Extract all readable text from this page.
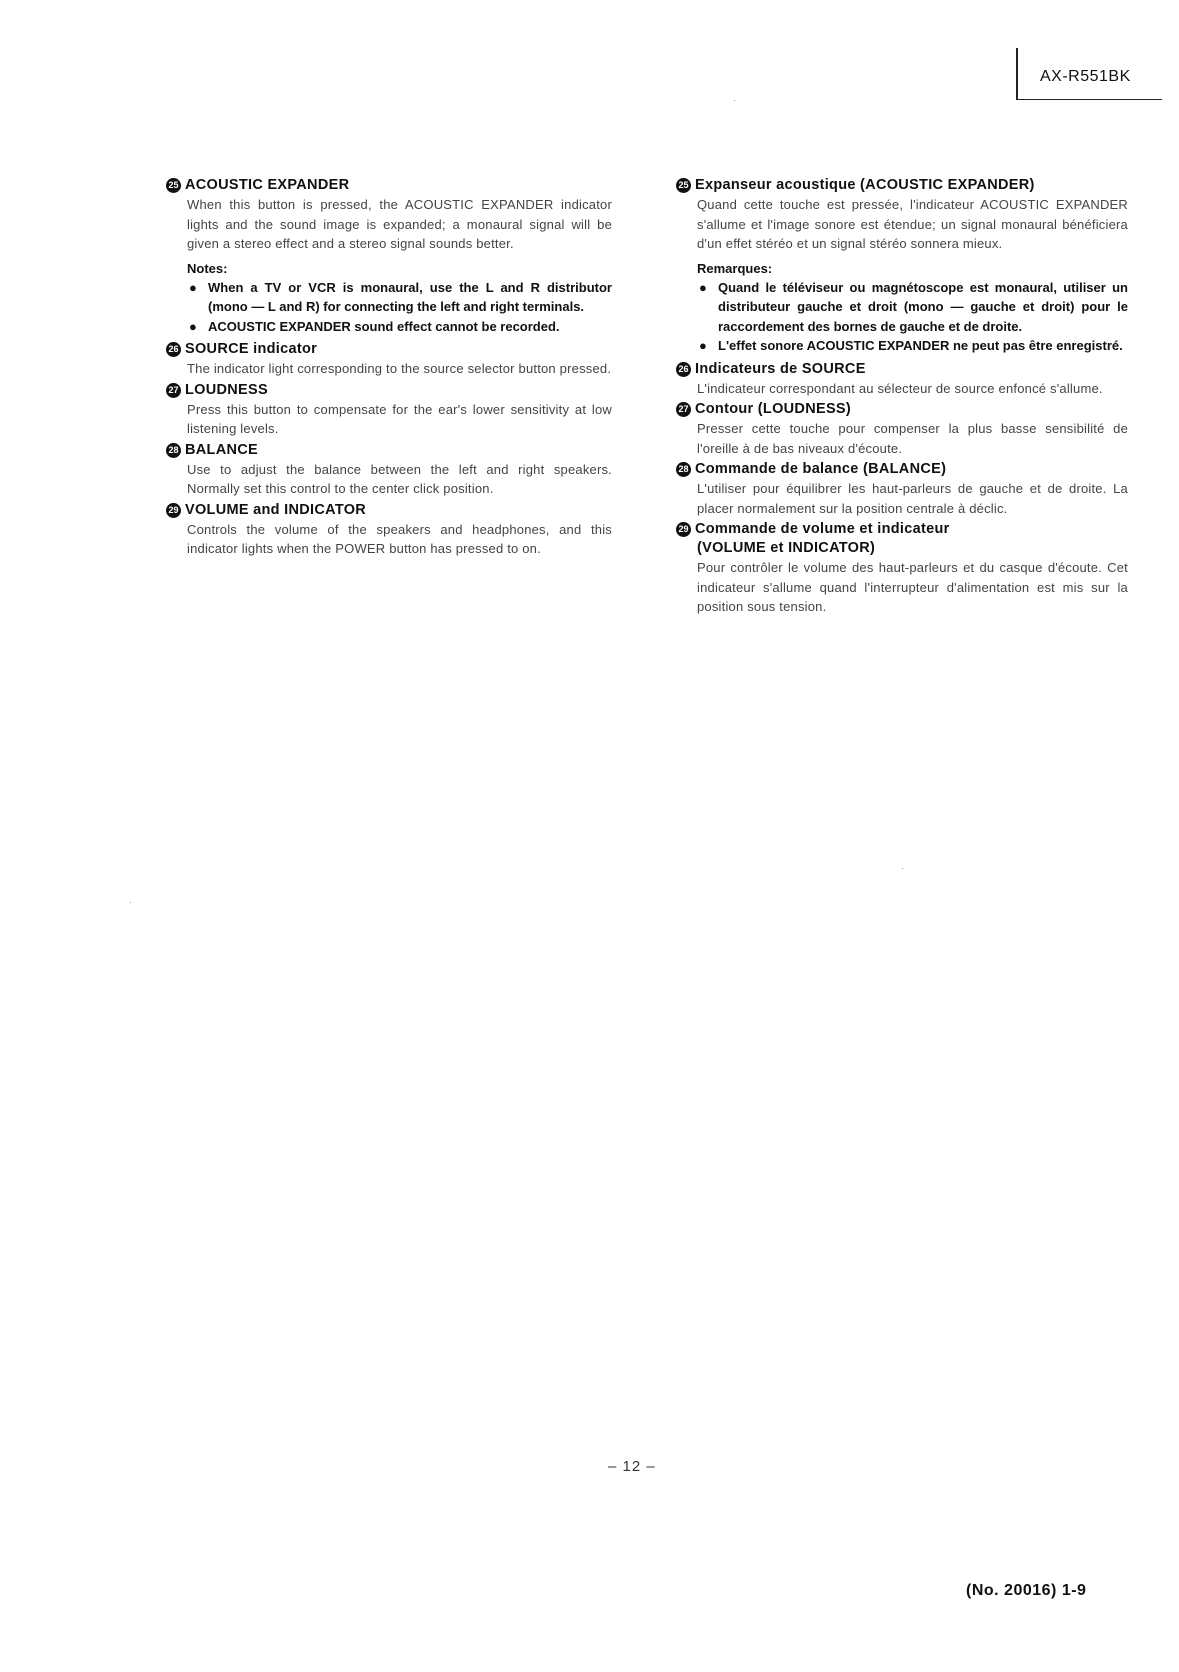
AX-R551BK
25 ACOUSTIC EXPANDER
When this button is pressed, the ACOUSTIC EXPANDER indicator lights and the sound image is expanded; a monaural signal will be given a stereo effect and a stereo signal sounds better.
Notes:
● When a TV or VCR is monaural, use the L and R distributor (mono — L and R) for connecting the left and right terminals.
● ACOUSTIC EXPANDER sound effect cannot be recorded.
26 SOURCE indicator
The indicator light corresponding to the source selector button pressed.
27 LOUDNESS
Press this button to compensate for the ear's lower sensitivity at low listening levels.
28 BALANCE
Use to adjust the balance between the left and right speakers. Normally set this control to the center click position.
29 VOLUME and INDICATOR
Controls the volume of the speakers and headphones, and this indicator lights when the POWER button has pressed to on.
25 Expanseur acoustique (ACOUSTIC EXPANDER)
Quand cette touche est pressée, l'indicateur ACOUSTIC EXPANDER s'allume et l'image sonore est étendue; un signal monaural bénéficiera d'un effet stéréo et un signal stéréo sonnera mieux.
Remarques:
● Quand le téléviseur ou magnétoscope est monaural, utiliser un distributeur gauche et droit (mono — gauche et droit) pour le raccordement des bornes de gauche et de droite.
● L'effet sonore ACOUSTIC EXPANDER ne peut pas être enregistré.
26 Indicateurs de SOURCE
L'indicateur correspondant au sélecteur de source enfoncé s'allume.
27 Contour (LOUDNESS)
Presser cette touche pour compenser la plus basse sensibilité de l'oreille à de bas niveaux d'écoute.
28 Commande de balance (BALANCE)
L'utiliser pour équilibrer les haut-parleurs de gauche et de droite. La placer normalement sur la position centrale à déclic.
29 Commande de volume et indicateur
(VOLUME et INDICATOR)
Pour contrôler le volume des haut-parleurs et du casque d'écoute. Cet indicateur s'allume quand l'interrupteur d'alimentation est mis sur la position sous tension.
– 12 –
(No. 20016) 1-9
